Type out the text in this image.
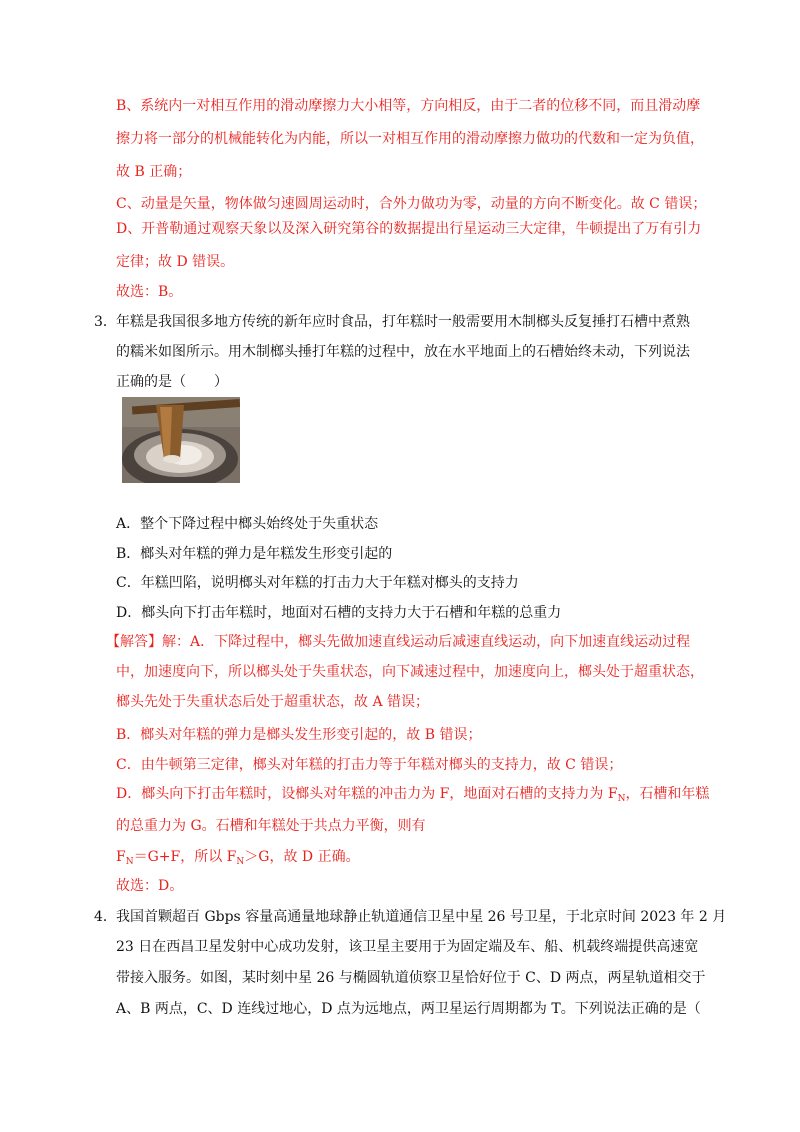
B、系统内一对相互作用的滑动摩擦力大小相等，方向相反，由于二者的位移不同，而且滑动摩
擦力将一部分的机械能转化为内能，所以一对相互作用的滑动摩擦力做功的代数和一定为负值，
故 B 正确；
C、动量是矢量，物体做匀速圆周运动时，合外力做功为零，动量的方向不断变化。故 C 错误；
D、开普勒通过观察天象以及深入研究第谷的数据提出行星运动三大定律，牛顿提出了万有引力
定律；故 D 错误。
故选：B。
3． 年糕是我国很多地方传统的新年应时食品，打年糕时一般需要用木制榔头反复捶打石槽中煮熟
的糯米如图所示。用木制榔头捶打年糕的过程中，放在水平地面上的石槽始终未动，下列说法
正确的是（　　）
A．整个下降过程中榔头始终处于失重状态
B．榔头对年糕的弹力是年糕发生形变引起的
C．年糕凹陷，说明榔头对年糕的打击力大于年糕对榔头的支持力
D．榔头向下打击年糕时，地面对石槽的支持力大于石槽和年糕的总重力
【解答】解：A．下降过程中，榔头先做加速直线运动后减速直线运动，向下加速直线运动过程
中，加速度向下，所以榔头处于失重状态，向下减速过程中，加速度向上，榔头处于超重状态，
榔头先处于失重状态后处于超重状态，故 A 错误；
B．榔头对年糕的弹力是榔头发生形变引起的，故 B 错误；
C．由牛顿第三定律，榔头对年糕的打击力等于年糕对榔头的支持力，故 C 错误；
D．榔头向下打击年糕时，设榔头对年糕的冲击力为 F，地面对石槽的支持力为 $F_N$，石槽和年糕
的总重力为 G。石槽和年糕处于共点力平衡，则有
$F_N=G+F$，所以 $F_N>G$，故 D 正确。
故选：D。
4． 我国首颗超百 Gbps 容量高通量地球静止轨道通信卫星中星 26 号卫星，于北京时间 2023 年 2 月
23 日在西昌卫星发射中心成功发射，该卫星主要用于为固定端及车、船、机载终端提供高速宽
带接入服务。如图，某时刻中星 26 与椭圆轨道侦察卫星恰好位于 C、D 两点，两星轨道相交于
A、B 两点，C、D 连线过地心，D 点为远地点，两卫星运行周期都为 T。下列说法正确的是（
